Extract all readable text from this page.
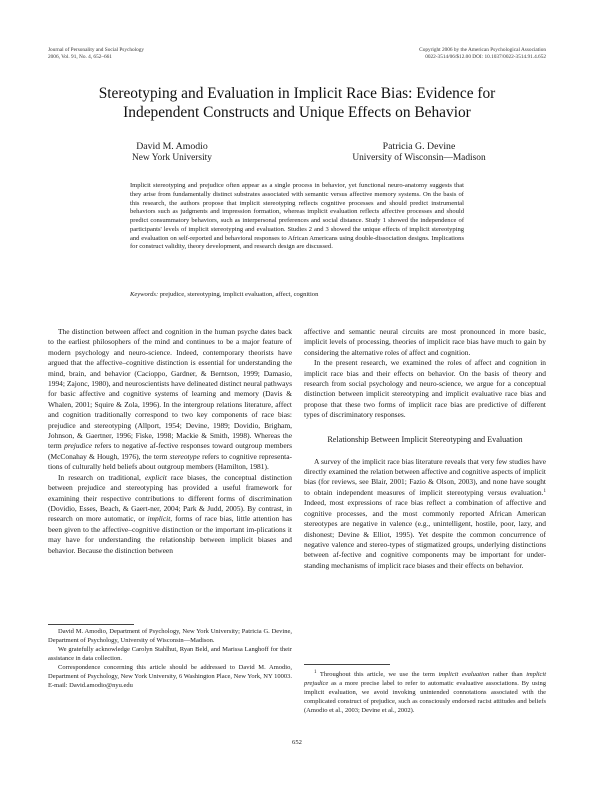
Journal of Personality and Social Psychology
2006, Vol. 91, No. 4, 652–661
Copyright 2006 by the American Psychological Association
0022-3514/06/$12.00 DOI: 10.1037/0022-3514.91.4.652
Stereotyping and Evaluation in Implicit Race Bias: Evidence for
Independent Constructs and Unique Effects on Behavior
David M. Amodio
New York University
Patricia G. Devine
University of Wisconsin—Madison
Implicit stereotyping and prejudice often appear as a single process in behavior, yet functional neuro-anatomy suggests that they arise from fundamentally distinct substrates associated with semantic versus affective memory systems. On the basis of this research, the authors propose that implicit stereotyping reflects cognitive processes and should predict instrumental behaviors such as judgments and impression formation, whereas implicit evaluation reflects affective processes and should predict consummatory behaviors, such as interpersonal preferences and social distance. Study 1 showed the independence of participants' levels of implicit stereotyping and evaluation. Studies 2 and 3 showed the unique effects of implicit stereotyping and evaluation on self-reported and behavioral responses to African Americans using double-dissociation designs. Implications for construct validity, theory development, and research design are discussed.
Keywords: prejudice, stereotyping, implicit evaluation, affect, cognition

The distinction between affect and cognition in the human psyche dates back to the earliest philosophers of the mind and continues to be a major feature of modern psychology and neuro-science. Indeed, contemporary theorists have argued that the affective–cognitive distinction is essential for understanding the mind, brain, and behavior (Cacioppo, Gardner, & Berntson, 1999; Damasio, 1994; Zajonc, 1980), and neuroscientists have delineated distinct neural pathways for basic affective and cognitive systems of learning and memory (Davis & Whalen, 2001; Squire & Zola, 1996). In the intergroup relations literature, affect and cognition traditionally correspond to two key components of race bias: prejudice and stereotyping (Allport, 1954; Devine, 1989; Dovidio, Brigham, Johnson, & Gaertner, 1996; Fiske, 1998; Mackie & Smith, 1998). Whereas the term prejudice refers to negative af-fective responses toward outgroup members (McConahay & Hough, 1976), the term stereotype refers to cognitive representa-tions of culturally held beliefs about outgroup members (Hamilton, 1981).

In research on traditional, explicit race biases, the conceptual distinction between prejudice and stereotyping has provided a useful framework for examining their respective contributions to different forms of discrimination (Dovidio, Esses, Beach, & Gaert-ner, 2004; Park & Judd, 2005). By contrast, in research on more automatic, or implicit, forms of race bias, little attention has been given to the affective–cognitive distinction or the important im-plications it may have for understanding the relationship between implicit biases and behavior. Because the distinction between

affective and semantic neural circuits are most pronounced in more basic, implicit levels of processing, theories of implicit race bias have much to gain by considering the alternative roles of affect and cognition.

In the present research, we examined the roles of affect and cognition in implicit race bias and their effects on behavior. On the basis of theory and research from social psychology and neuro-science, we argue for a conceptual distinction between implicit stereotyping and implicit evaluative race bias and propose that these two forms of implicit race bias are predictive of different types of discriminatory responses.

Relationship Between Implicit Stereotyping and Evaluation

A survey of the implicit race bias literature reveals that very few studies have directly examined the relation between affective and cognitive aspects of implicit bias (for reviews, see Blair, 2001; Fazio & Olson, 2003), and none have sought to obtain independent measures of implicit stereotyping versus evaluation.$^1$ Indeed, most expressions of race bias reflect a combination of affective and cognitive processes, and the most commonly reported African American stereotypes are negative in valence (e.g., unintelligent, hostile, poor, lazy, and dishonest; Devine & Elliot, 1995). Yet despite the common concurrence of negative valence and stereo-types of stigmatized groups, underlying distinctions between af-fective and cognitive components may be important for under-standing mechanisms of implicit race biases and their effects on behavior.

David M. Amodio, Department of Psychology, New York University; Patricia G. Devine, Department of Psychology, University of Wisconsin—Madison.

We gratefully acknowledge Carolyn Stahlhut, Ryan Beld, and Marissa Langhoff for their assistance in data collection.

Correspondence concerning this article should be addressed to David M. Amodio, Department of Psychology, New York University, 6 Washington Place, New York, NY 10003. E-mail: David.amodio@nyu.edu

$^1$ Throughout this article, we use the term implicit evaluation rather than implicit prejudice as a more precise label to refer to automatic evaluative associations. By using implicit evaluation, we avoid invoking unintended connotations associated with the complicated construct of prejudice, such as consciously endorsed racist attitudes and beliefs (Amodio et al., 2003; Devine et al., 2002).

652
